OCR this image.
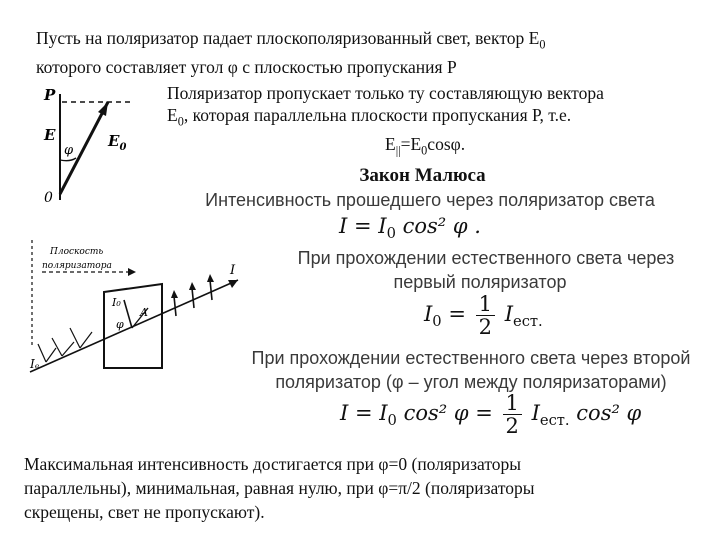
Пусть на поляризатор падает плоскополяризованный свет, вектор $E_0$
которого составляет угол φ с плоскостью пропускания Р
P
E	$E_0$
φ
0
Поляризатор пропускает только ту составляющую вектора
$E_0$, которая параллельна плоскости пропускания Р, т.е.
$E_{||}=E_0\cos\varphi$.
Закон Малюса
Интенсивность прошедшего через поляризатор света
$I = I_0$ cos² φ .
Плоскость
поляризатора	I
I₀
φ
A
Iₑ
При прохождении естественного света через
первый поляризатор
$I_0 = \frac{1}{2} I_{ест.}$
При прохождении естественного света через второй
поляризатор (φ – угол между поляризаторами)
$I = I_0$ cos² $\varphi = \frac{1}{2} I_{ест.}$ cos² φ
Максимальная интенсивность достигается при φ=0 (поляризаторы
параллельны), минимальная, равная нулю, при φ=π/2 (поляризаторы
скрещены, свет не пропускают).
